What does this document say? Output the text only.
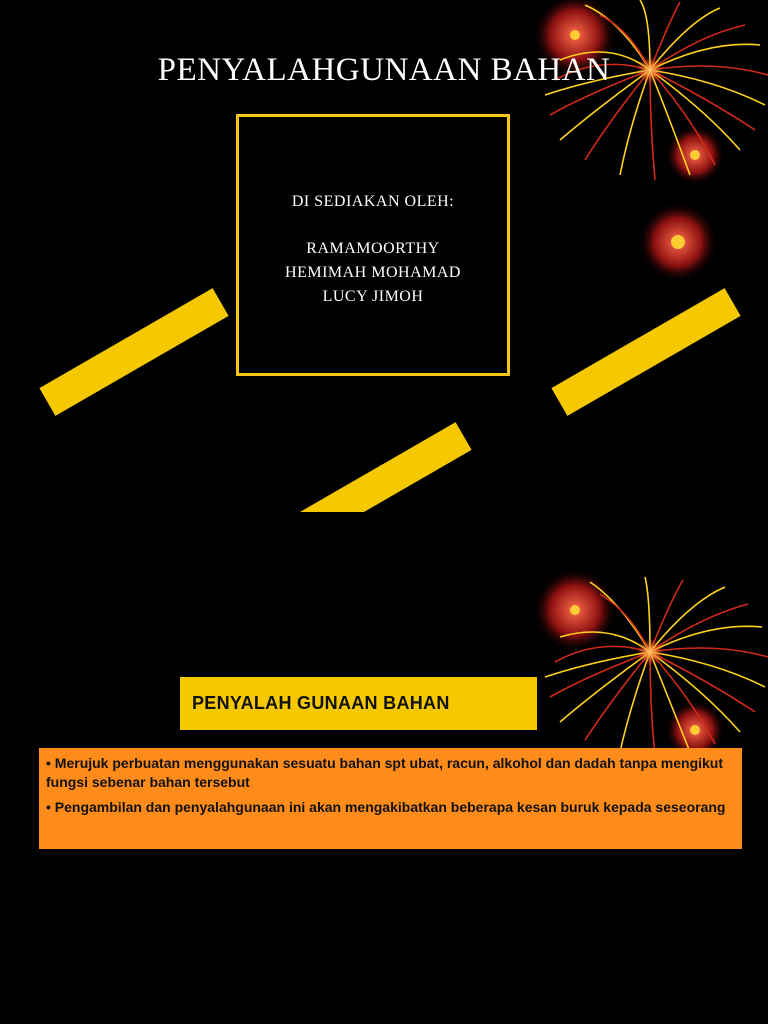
PENYALAHGUNAAN BAHAN
DI SEDIAKAN OLEH:
RAMAMOORTHY
HEMIMAH MOHAMAD
LUCY JIMOH
PENYALAH GUNAAN BAHAN

• Merujuk perbuatan menggunakan sesuatu bahan spt ubat, racun, alkohol dan dadah tanpa mengikut fungsi sebenar bahan tersebut

• Pengambilan dan penyalahgunaan ini akan mengakibatkan beberapa kesan buruk kepada seseorang
